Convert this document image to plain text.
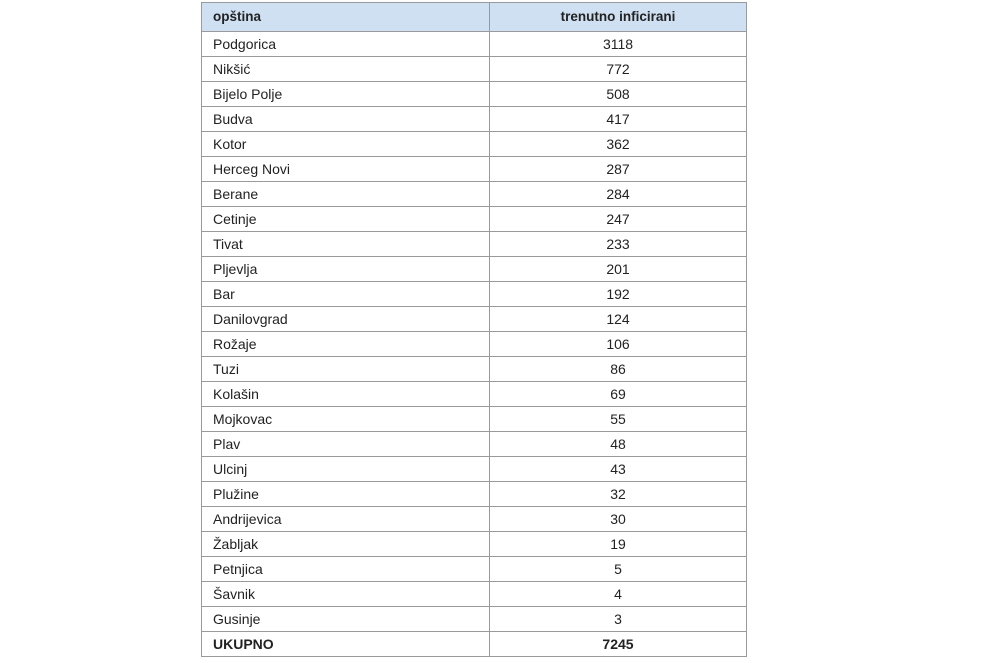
opština	trenutno inficirani
Podgorica	3118
Nikšić	772
Bijelo Polje	508
Budva	417
Kotor	362
Herceg Novi	287
Berane	284
Cetinje	247
Tivat	233
Pljevlja	201
Bar	192
Danilovgrad	124
Rožaje	106
Tuzi	86
Kolašin	69
Mojkovac	55
Plav	48
Ulcinj	43
Plužine	32
Andrijevica	30
Žabljak	19
Petnjica	5
Šavnik	4
Gusinje	3
UKUPNO	7245
